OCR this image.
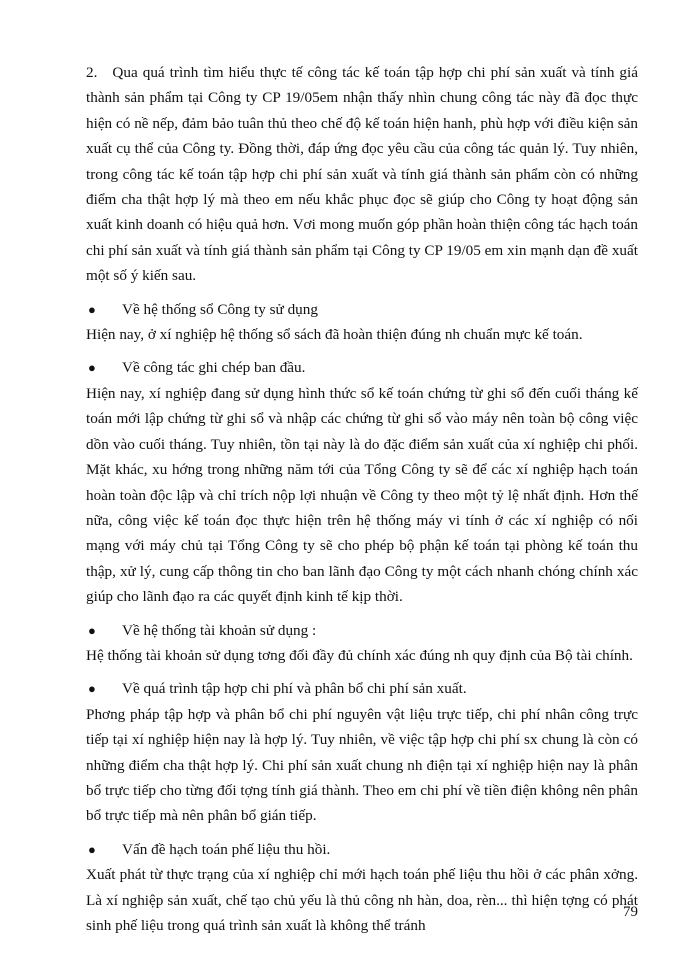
2.   Qua quá trình tìm hiểu thực tế công tác kế toán tập hợp chi phí sản xuất và tính giá thành sản phẩm tại Công ty CP 19/05em nhận thấy nhìn chung công tác này đã đọc thực hiện có nề nếp, đảm bảo tuân thủ theo chế độ kế toán hiện hanh, phù hợp với điều kiện sản xuất cụ thể của Công ty. Đồng thời, đáp ứng đọc yêu cầu của công tác quản lý. Tuy nhiên, trong công tác kế toán tập hợp chi phí sản xuất và tính giá thành sản phẩm còn có những điểm cha thật hợp lý mà theo em nếu khắc phục đọc sẽ giúp cho Công ty hoạt động sản xuất kinh doanh có hiệu quả hơn. Vơi mong muốn góp phần hoàn thiện công tác hạch toán chi phí sản xuất và tính giá thành sản phẩm tại Công ty CP 19/05 em xin mạnh dạn đề xuất một số ý kiến sau.

●	Về hệ thống sổ Công ty sử dụng

Hiện nay, ở xí nghiệp hệ thống sổ sách đã hoàn thiện đúng nh chuẩn mực kế toán.

●	Về công tác ghi chép ban đầu.

Hiện nay, xí nghiệp đang sử dụng hình thức sổ kế toán chứng từ ghi sổ đến cuối tháng kế toán mới lập chứng từ ghi sổ và nhập các chứng từ ghi sổ vào máy nên toàn bộ công việc dồn vào cuối tháng. Tuy nhiên, tồn tại này là do đặc điểm sản xuất của xí nghiệp chi phối. Mặt khác, xu hớng trong những năm tới của Tổng Công ty sẽ để các xí nghiệp hạch toán hoàn toàn độc lập và chỉ trích nộp lợi nhuận về Công ty theo một tỷ lệ nhất định. Hơn thế nữa, công việc kế toán đọc thực hiện trên hệ thống máy vi tính ở các xí nghiệp có nối mạng với máy chủ tại Tổng Công ty sẽ cho phép bộ phận kế toán tại phòng kế toán thu thập, xử lý, cung cấp thông tin cho ban lãnh đạo Công ty một cách nhanh chóng chính xác giúp cho lãnh đạo ra các quyết định kinh tế kịp thời.

●	Về hệ thống tài khoản sử dụng :

Hệ thống tài khoản sử dụng tơng đối đầy đủ chính xác đúng nh quy định của Bộ tài chính.

●	Về quá trình tập hợp chi phí và phân bổ chi phí sản xuất.

Phơng pháp tập hợp và phân bổ chi phí nguyên vật liệu trực tiếp, chi phí nhân công trực tiếp tại xí nghiệp hiện nay là hợp lý. Tuy nhiên, về việc tập hợp chi phí sx chung là còn có những điểm cha thật hợp lý. Chi phí sản xuất chung nh điện tại xí nghiệp hiện nay là phân bổ trực tiếp cho từng đối tợng tính giá thành. Theo em chi phí về tiền điện không nên phân bổ trực tiếp mà nên phân bổ gián tiếp.

●	Vấn đề hạch toán phế liệu thu hồi.

Xuất phát từ thực trạng của xí nghiệp chỉ mới hạch toán phế liệu thu hồi ở các phân xởng. Là xí nghiệp sản xuất, chế tạo chủ yếu là thủ công nh hàn, doa, rèn... thì hiện tợng có phát sinh phế liệu trong quá trình sản xuất là không thể tránh

79
